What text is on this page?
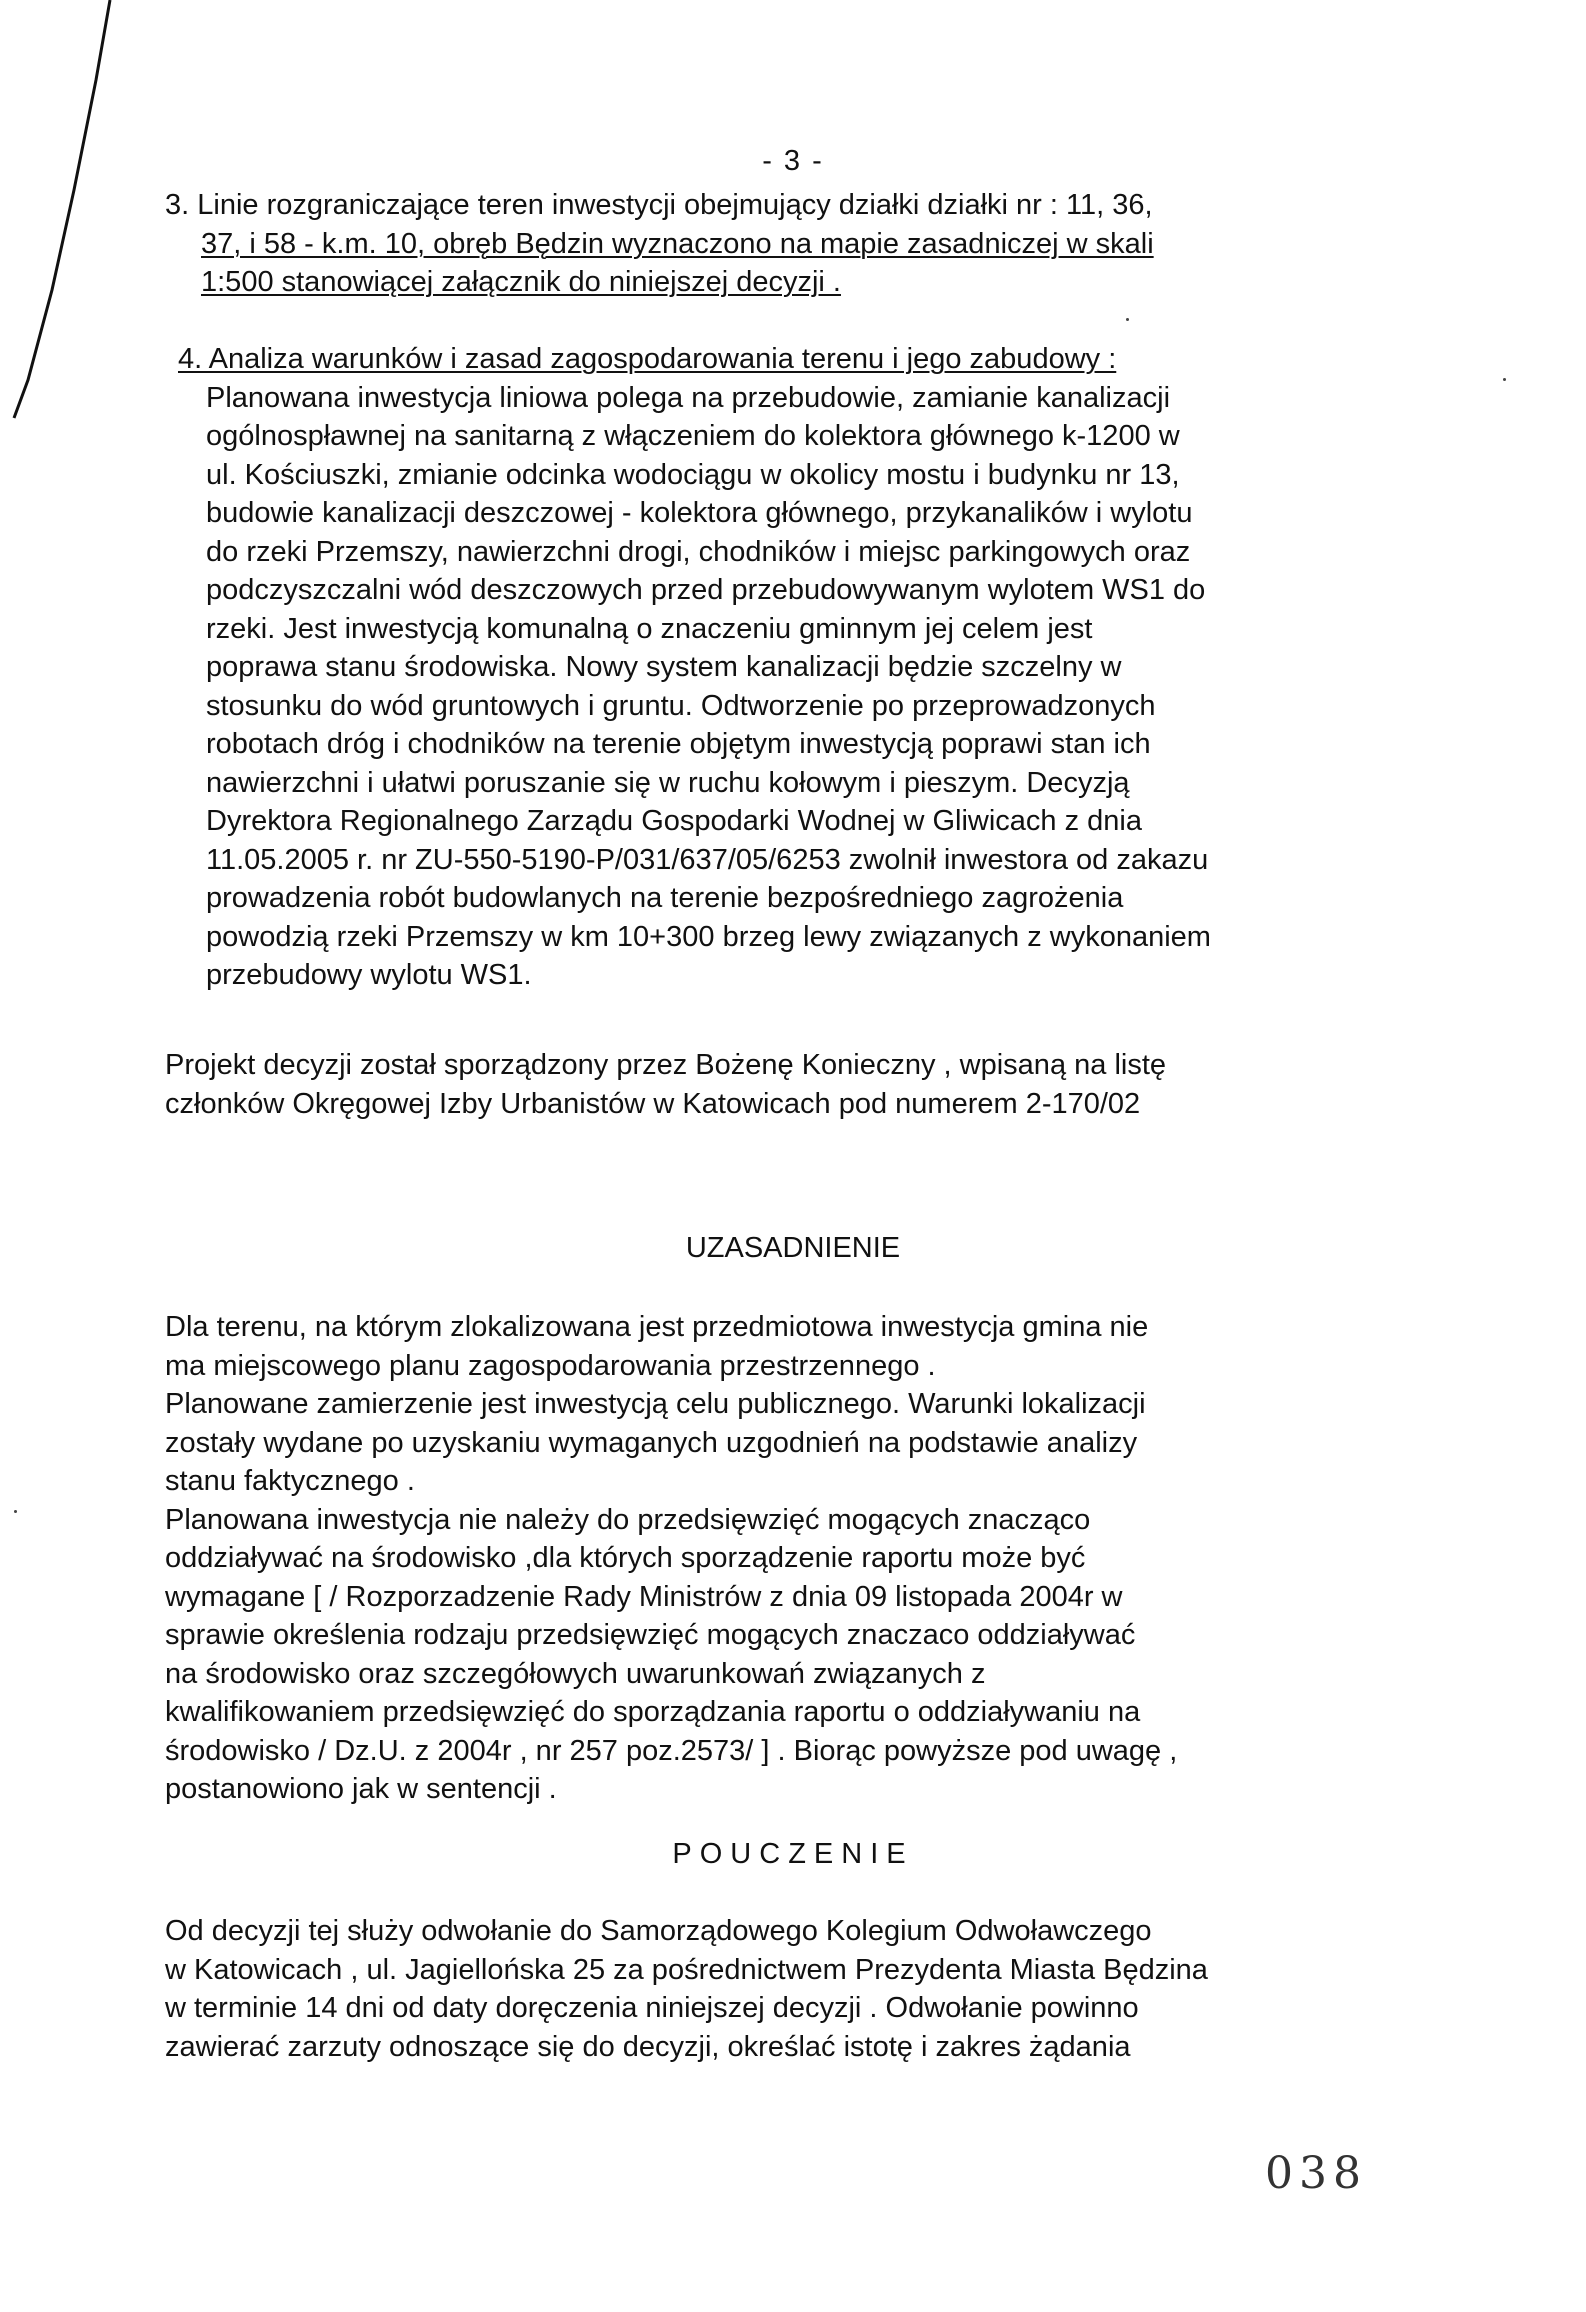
- 3 -
3. Linie rozgraniczające teren inwestycji obejmujący działki działki nr : 11, 36,
37, i 58 - k.m. 10, obręb Będzin wyznaczono na mapie zasadniczej w skali
1:500 stanowiącej załącznik do niniejszej decyzji .
4. Analiza warunków i zasad zagospodarowania terenu i jego zabudowy :
Planowana inwestycja liniowa polega na przebudowie, zamianie kanalizacji
ogólnospławnej na sanitarną z włączeniem do kolektora głównego k-1200 w
ul. Kościuszki, zmianie odcinka wodociągu w okolicy mostu i budynku nr 13,
budowie kanalizacji deszczowej - kolektora głównego, przykanalików i wylotu
do rzeki Przemszy, nawierzchni drogi, chodników i miejsc parkingowych oraz
podczyszczalni wód deszczowych przed przebudowywanym wylotem WS1 do
rzeki. Jest inwestycją komunalną o znaczeniu gminnym jej celem jest
poprawa stanu środowiska. Nowy system kanalizacji będzie szczelny w
stosunku do wód gruntowych i gruntu. Odtworzenie po przeprowadzonych
robotach dróg i chodników na terenie objętym inwestycją poprawi stan ich
nawierzchni i ułatwi poruszanie się w ruchu kołowym i pieszym. Decyzją
Dyrektora Regionalnego Zarządu Gospodarki Wodnej w Gliwicach z dnia
11.05.2005 r. nr ZU-550-5190-P/031/637/05/6253 zwolnił inwestora od zakazu
prowadzenia robót budowlanych na terenie bezpośredniego zagrożenia
powodzią rzeki Przemszy w km 10+300 brzeg lewy związanych z wykonaniem
przebudowy wylotu WS1.
Projekt decyzji został sporządzony przez Bożenę Konieczny , wpisaną na listę
członków Okręgowej Izby Urbanistów w Katowicach pod numerem 2-170/02
UZASADNIENIE
Dla terenu, na którym zlokalizowana jest przedmiotowa inwestycja gmina nie
ma miejscowego planu zagospodarowania przestrzennego .
Planowane zamierzenie jest inwestycją celu publicznego. Warunki lokalizacji
zostały wydane po uzyskaniu wymaganych uzgodnień na podstawie analizy
stanu faktycznego .
Planowana inwestycja nie należy do przedsięwzięć mogących znacząco
oddziaływać na środowisko ,dla których sporządzenie raportu może być
wymagane [ / Rozporzadzenie Rady Ministrów z dnia 09 listopada 2004r w
sprawie określenia rodzaju przedsięwzięć mogących znaczaco oddziaływać
na środowisko oraz szczegółowych uwarunkowań związanych z
kwalifikowaniem przedsięwzięć do sporządzania raportu o oddziaływaniu na
środowisko / Dz.U. z 2004r , nr 257 poz.2573/ ] . Biorąc powyższe pod uwagę ,
postanowiono jak w sentencji .
POUCZENIE
Od decyzji tej służy odwołanie do Samorządowego Kolegium Odwoławczego
w Katowicach , ul. Jagiellońska 25 za pośrednictwem Prezydenta Miasta Będzina
w terminie 14 dni od daty doręczenia niniejszej decyzji . Odwołanie powinno
zawierać zarzuty odnoszące się do decyzji, określać istotę i zakres żądania
038
